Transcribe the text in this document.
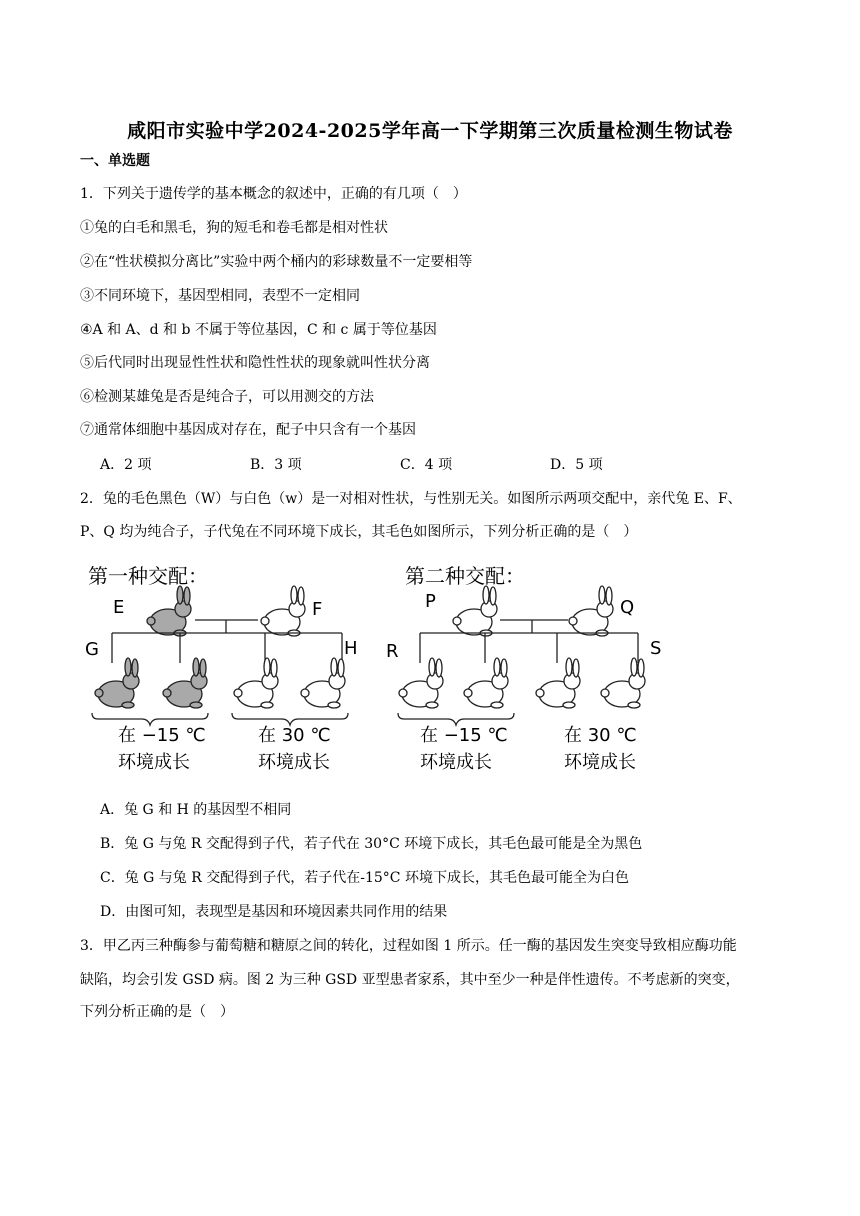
咸阳市实验中学2024-2025学年高一下学期第三次质量检测生物试卷
一、单选题
1．下列关于遗传学的基本概念的叙述中，正确的有几项（　）
①兔的白毛和黑毛，狗的短毛和卷毛都是相对性状
②在“性状模拟分离比”实验中两个桶内的彩球数量不一定要相等
③不同环境下，基因型相同，表型不一定相同
④A 和 A、d 和 b 不属于等位基因，C 和 c 属于等位基因
⑤后代同时出现显性性状和隐性性状的现象就叫性状分离
⑥检测某雄兔是否是纯合子，可以用测交的方法
⑦通常体细胞中基因成对存在，配子中只含有一个基因
A．2 项	B．3 项	C．4 项	D．5 项
2．兔的毛色黑色（W）与白色（w）是一对相对性状，与性别无关。如图所示两项交配中，亲代兔 E、F、
P、Q 均为纯合子，子代兔在不同环境下成长，其毛色如图所示，下列分析正确的是（　）
第一种交配：	第二种交配：
E	F
G	H
在 −15 ℃
环境成长
在 30 ℃
环境成长
P	Q
R	S
在 −15 ℃
环境成长
在 30 ℃
环境成长
A．兔 G 和 H 的基因型不相同
B．兔 G 与兔 R 交配得到子代，若子代在 30°C 环境下成长，其毛色最可能是全为黑色
C．兔 G 与兔 R 交配得到子代，若子代在-15°C 环境下成长，其毛色最可能全为白色
D．由图可知，表现型是基因和环境因素共同作用的结果
3．甲乙丙三种酶参与葡萄糖和糖原之间的转化，过程如图 1 所示。任一酶的基因发生突变导致相应酶功能
缺陷，均会引发 GSD 病。图 2 为三种 GSD 亚型患者家系，其中至少一种是伴性遗传。不考虑新的突变，
下列分析正确的是（　）
